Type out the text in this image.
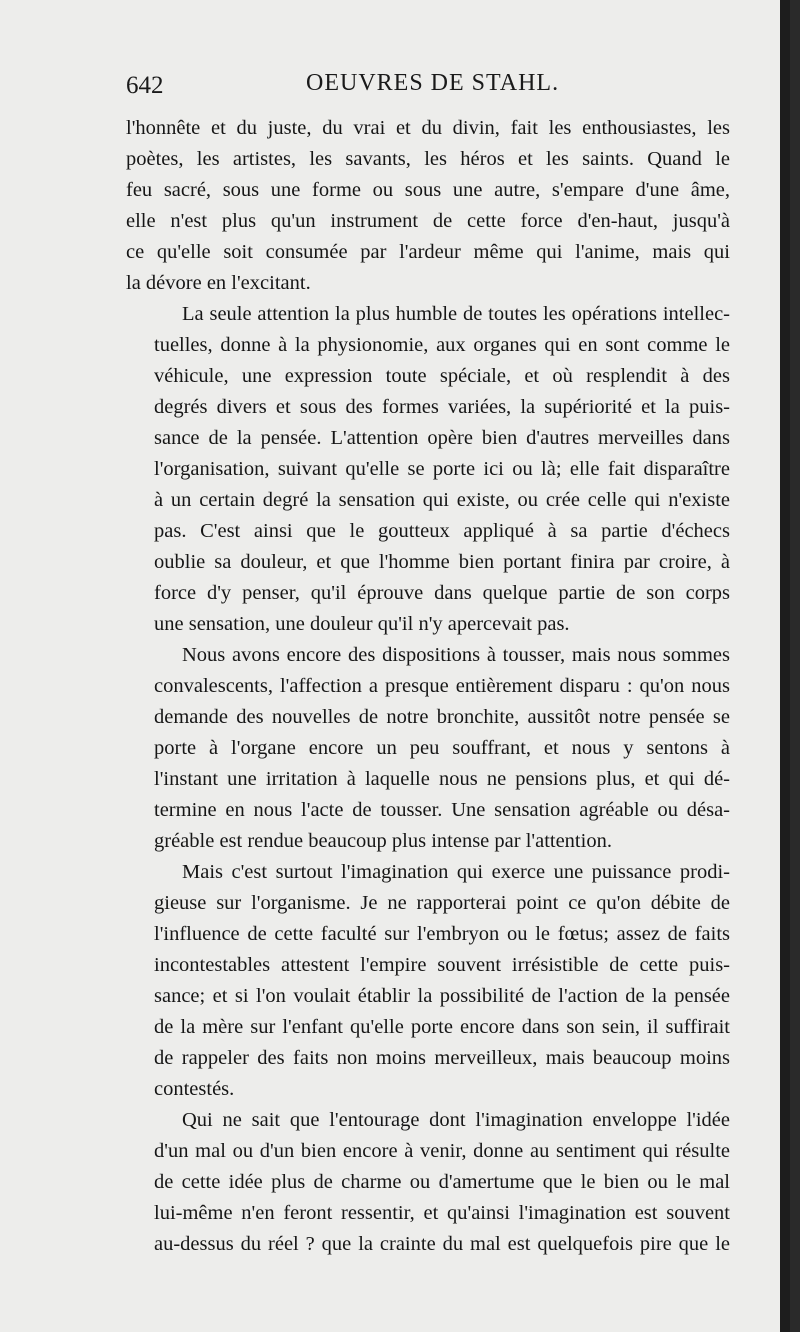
642	OEUVRES DE STAHL.

l'honnête et du juste, du vrai et du divin, fait les enthousiastes, les
poètes, les artistes, les savants, les héros et les saints. Quand le
feu sacré, sous une forme ou sous une autre, s'empare d'une âme,
elle n'est plus qu'un instrument de cette force d'en-haut, jusqu'à
ce qu'elle soit consumée par l'ardeur même qui l'anime, mais qui
la dévore en l'excitant.

La seule attention la plus humble de toutes les opérations intellec-
tuelles, donne à la physionomie, aux organes qui en sont comme le
véhicule, une expression toute spéciale, et où resplendit à des
degrés divers et sous des formes variées, la supériorité et la puis-
sance de la pensée. L'attention opère bien d'autres merveilles dans
l'organisation, suivant qu'elle se porte ici ou là; elle fait disparaître
à un certain degré la sensation qui existe, ou crée celle qui n'existe
pas. C'est ainsi que le goutteux appliqué à sa partie d'échecs
oublie sa douleur, et que l'homme bien portant finira par croire, à
force d'y penser, qu'il éprouve dans quelque partie de son corps
une sensation, une douleur qu'il n'y apercevait pas.

Nous avons encore des dispositions à tousser, mais nous sommes
convalescents, l'affection a presque entièrement disparu : qu'on nous
demande des nouvelles de notre bronchite, aussitôt notre pensée se
porte à l'organe encore un peu souffrant, et nous y sentons à
l'instant une irritation à laquelle nous ne pensions plus, et qui dé-
termine en nous l'acte de tousser. Une sensation agréable ou désa-
gréable est rendue beaucoup plus intense par l'attention.

Mais c'est surtout l'imagination qui exerce une puissance prodi-
gieuse sur l'organisme. Je ne rapporterai point ce qu'on débite de
l'influence de cette faculté sur l'embryon ou le fœtus; assez de faits
incontestables attestent l'empire souvent irrésistible de cette puis-
sance; et si l'on voulait établir la possibilité de l'action de la pensée
de la mère sur l'enfant qu'elle porte encore dans son sein, il suffirait
de rappeler des faits non moins merveilleux, mais beaucoup moins
contestés.

Qui ne sait que l'entourage dont l'imagination enveloppe l'idée
d'un mal ou d'un bien encore à venir, donne au sentiment qui résulte
de cette idée plus de charme ou d'amertume que le bien ou le mal
lui-même n'en feront ressentir, et qu'ainsi l'imagination est souvent
au-dessus du réel ? que la crainte du mal est quelquefois pire que le
